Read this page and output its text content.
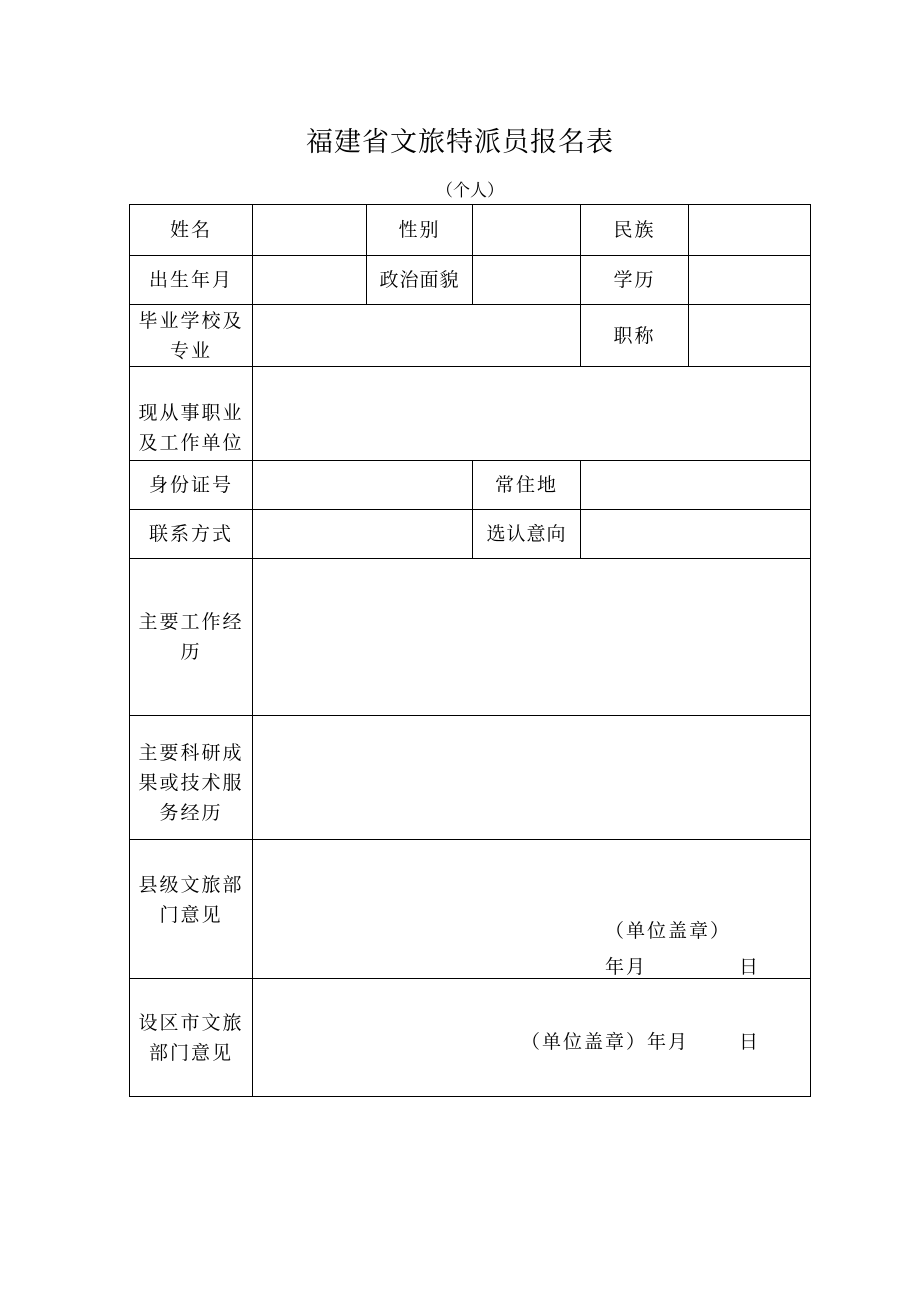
福建省文旅特派员报名表
（个人）
姓名		性别		民族	
出生年月		政治面貌		学历	
毕业学校及专业				职称	
现从事职业及工作单位					
身份证号			常住地		
联系方式			选认意向		
主要工作经历					
主要科研成果或技术服务经历					
县级文旅部门意见	（单位盖章）
年月 日				

设区市文旅部门意见	（单位盖章）年月 日				
